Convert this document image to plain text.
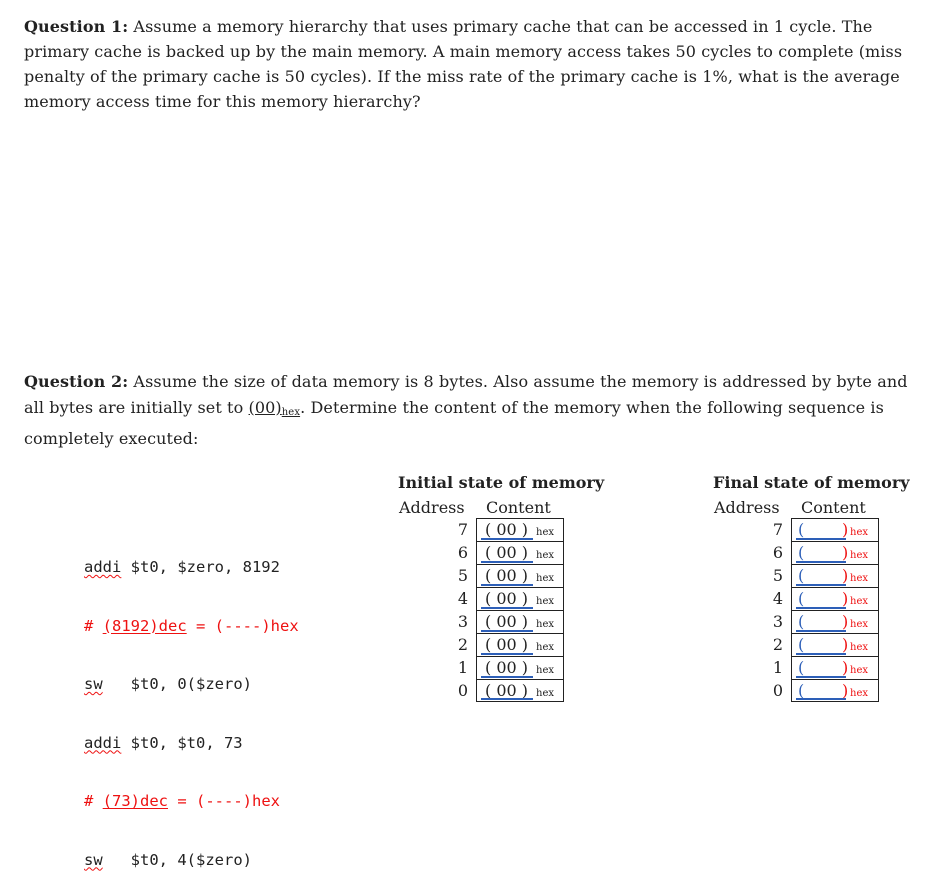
Question 1: Assume a memory hierarchy that uses primary cache that can be accessed in 1 cycle. The primary cache is backed up by the main memory. A main memory access takes 50 cycles to complete (miss penalty of the primary cache is 50 cycles). If the miss rate of the primary cache is 1%, what is the average memory access time for this memory hierarchy?

Question 2: Assume the size of data memory is 8 bytes. Also assume the memory is addressed by byte and all bytes are initially set to (00)hex. Determine the content of the memory when the following sequence is completely executed:

addi $t0, $zero, 8192

# (8192)dec = (----)hex

sw   $t0, 0($zero)

addi $t0, $t0, 73

# (73)dec = (----)hex

sw   $t0, 4($zero)

Initial state of memory
Address Content
7 ( 00 ) hex
6 ( 00 ) hex
5 ( 00 ) hex
4 ( 00 ) hex
3 ( 00 ) hex
2 ( 00 ) hex
1 ( 00 ) hex
0 ( 00 ) hex
Final state of memory
Address Content
7 ( ) hex
6 ( ) hex
5 ( ) hex
4 ( ) hex
3 ( ) hex
2 ( ) hex
1 ( ) hex
0 ( ) hex
